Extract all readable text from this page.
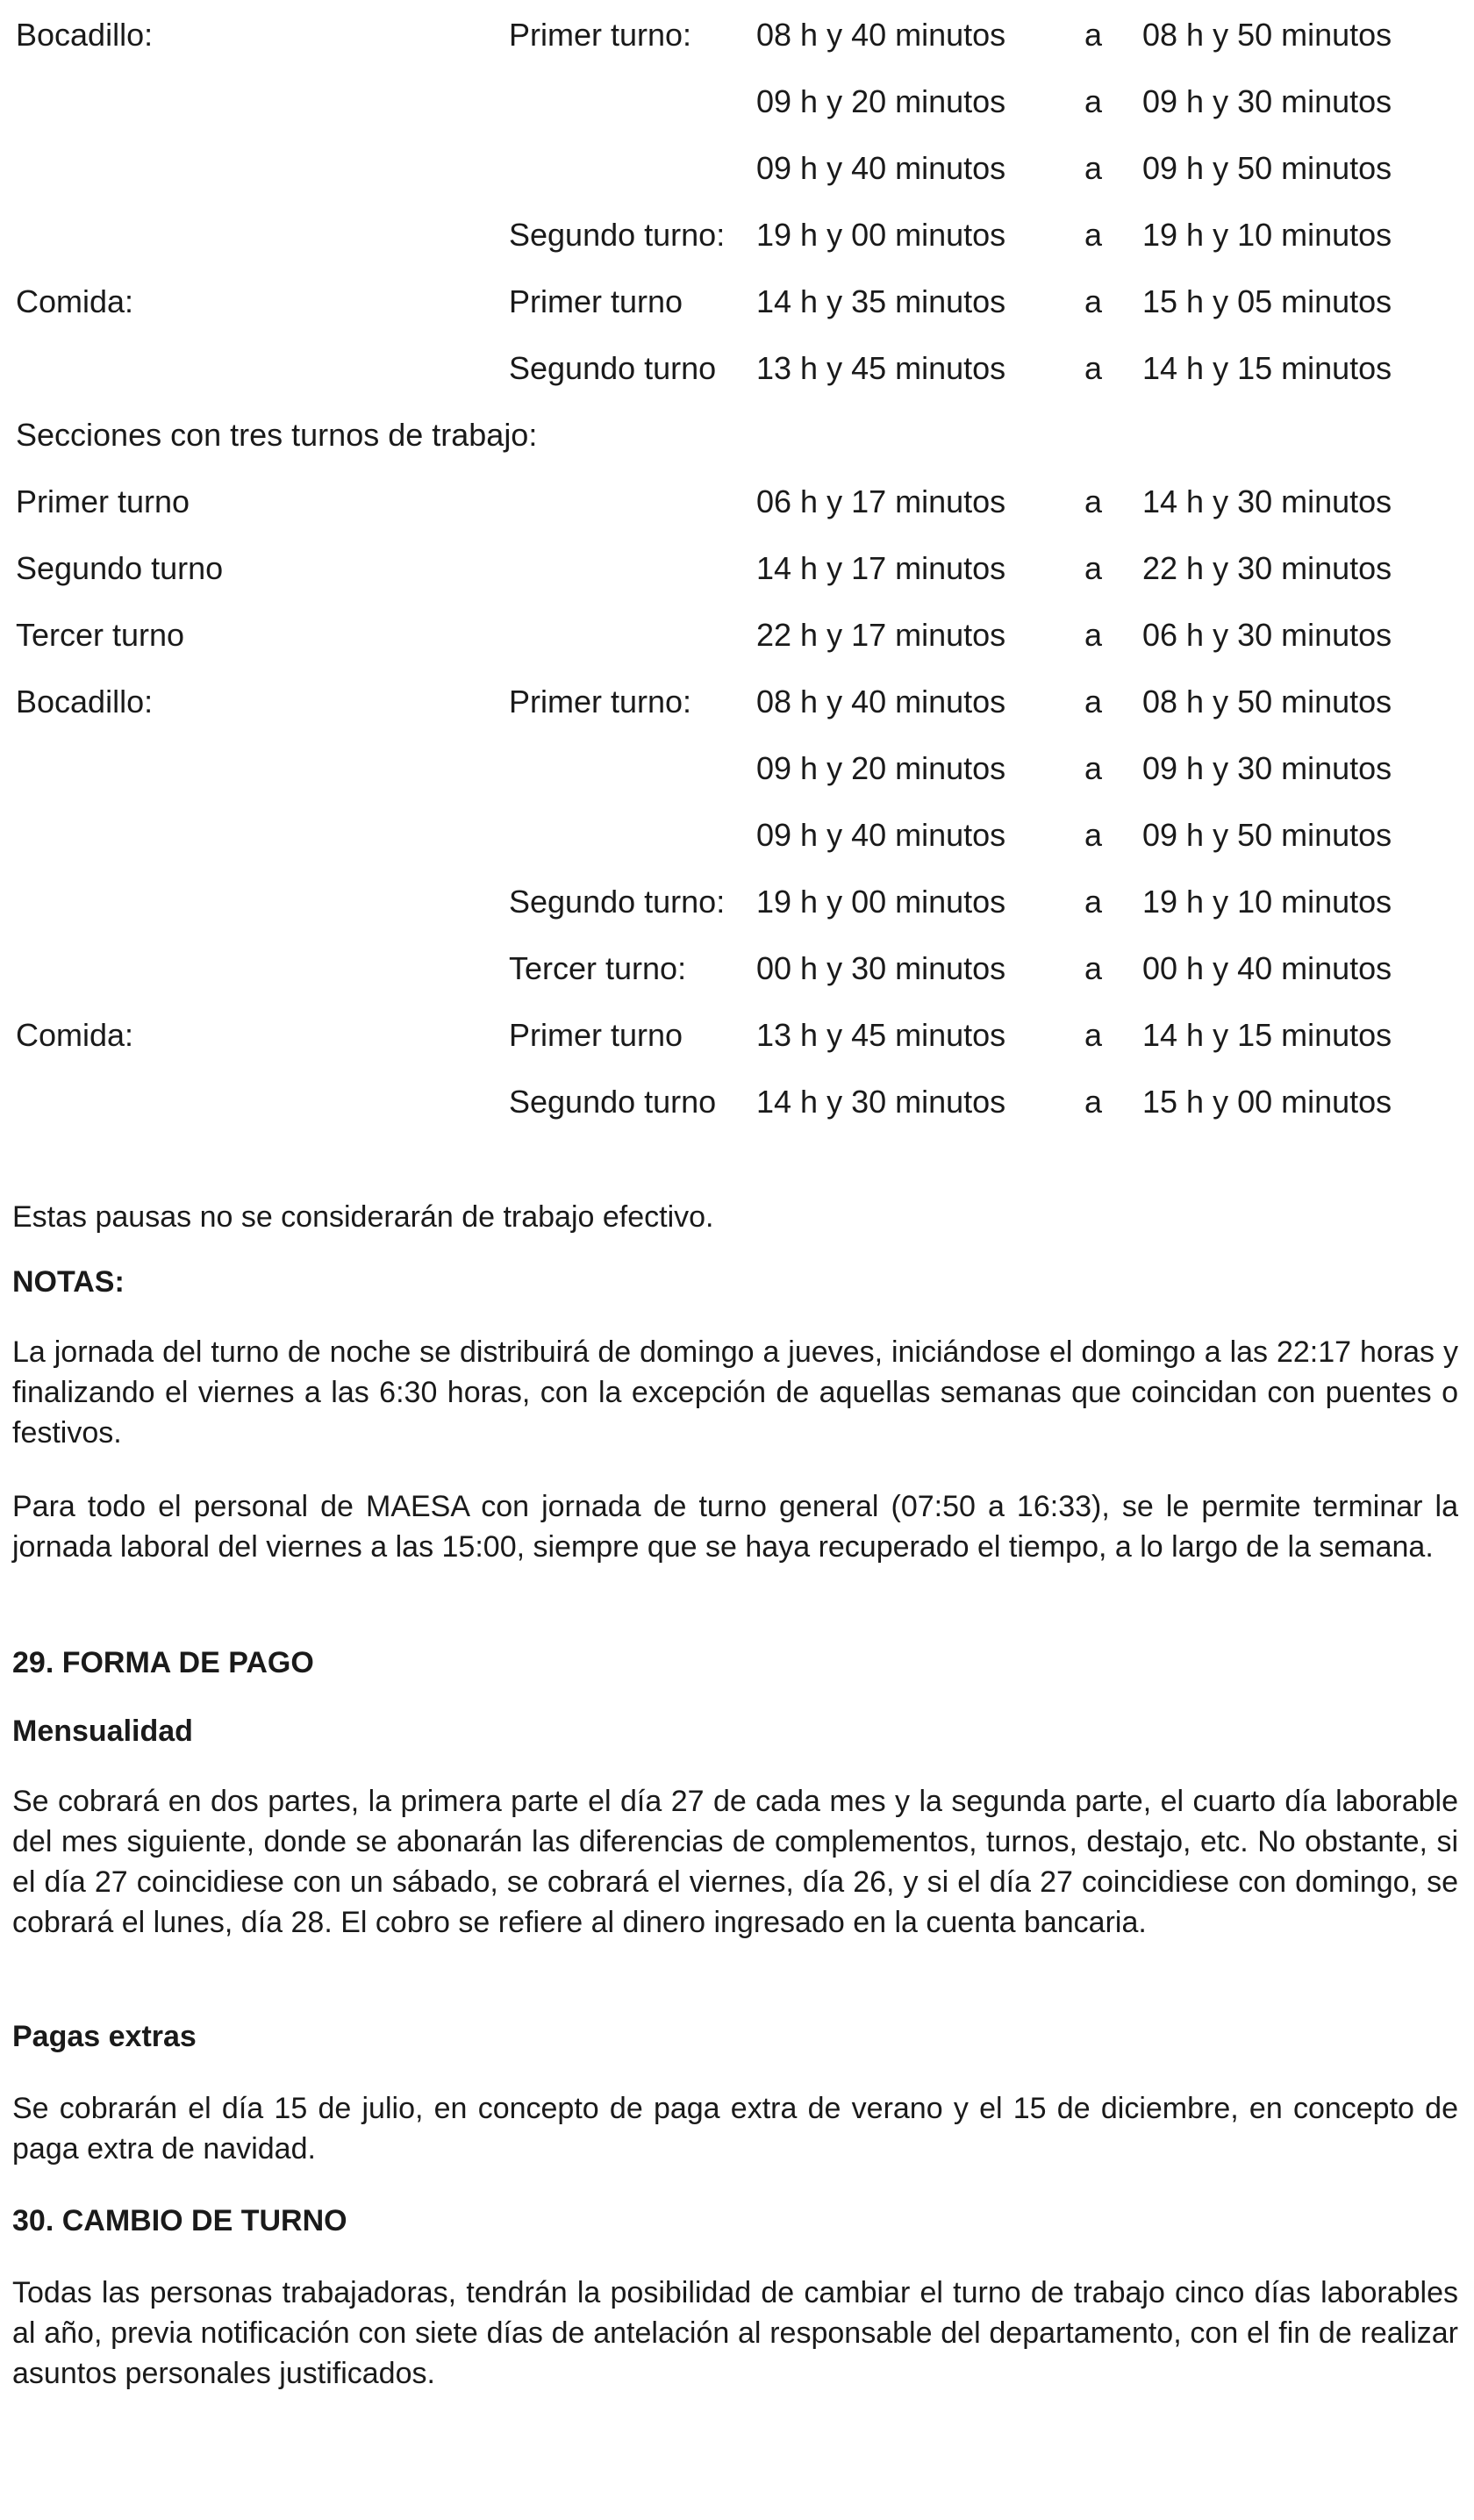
Bocadillo:	Primer turno: 08 h y 40 minutos a 08 h y 50 minutos
09 h y 20 minutos a 09 h y 30 minutos
09 h y 40 minutos a 09 h y 50 minutos
Segundo turno: 19 h y 00 minutos a 19 h y 10 minutos
Comida:	Primer turno 14 h y 35 minutos a 15 h y 05 minutos
Segundo turno 13 h y 45 minutos a 14 h y 15 minutos
Secciones con tres turnos de trabajo:
Primer turno	06 h y 17 minutos a 14 h y 30 minutos
Segundo turno	14 h y 17 minutos a 22 h y 30 minutos
Tercer turno	22 h y 17 minutos a 06 h y 30 minutos
Bocadillo:	Primer turno: 08 h y 40 minutos a 08 h y 50 minutos
09 h y 20 minutos a 09 h y 30 minutos
09 h y 40 minutos a 09 h y 50 minutos
Segundo turno: 19 h y 00 minutos a 19 h y 10 minutos
Tercer turno: 00 h y 30 minutos a 00 h y 40 minutos
Comida:	Primer turno 13 h y 45 minutos a 14 h y 15 minutos
Segundo turno 14 h y 30 minutos a 15 h y 00 minutos

Estas pausas no se considerarán de trabajo efectivo.

NOTAS:

La jornada del turno de noche se distribuirá de domingo a jueves, iniciándose el domingo a las 22:17 horas y finalizando el viernes a las 6:30 horas, con la excepción de aquellas semanas que coincidan con puentes o festivos.

Para todo el personal de MAESA con jornada de turno general (07:50 a 16:33), se le permite terminar la jornada laboral del viernes a las 15:00, siempre que se haya recuperado el tiempo, a lo largo de la semana.

29. FORMA DE PAGO
Mensualidad

Se cobrará en dos partes, la primera parte el día 27 de cada mes y la segunda parte, el cuarto día laborable del mes siguiente, donde se abonarán las diferencias de complementos, turnos, destajo, etc. No obstante, si el día 27 coincidiese con un sábado, se cobrará el viernes, día 26, y si el día 27 coincidiese con domingo, se cobrará el lunes, día 28. El cobro se refiere al dinero ingresado en la cuenta bancaria.

Pagas extras

Se cobrarán el día 15 de julio, en concepto de paga extra de verano y el 15 de diciembre, en concepto de paga extra de navidad.

30. CAMBIO DE TURNO

Todas las personas trabajadoras, tendrán la posibilidad de cambiar el turno de trabajo cinco días laborables al año, previa notificación con siete días de antelación al responsable del departamento, con el fin de realizar asuntos personales justificados.
